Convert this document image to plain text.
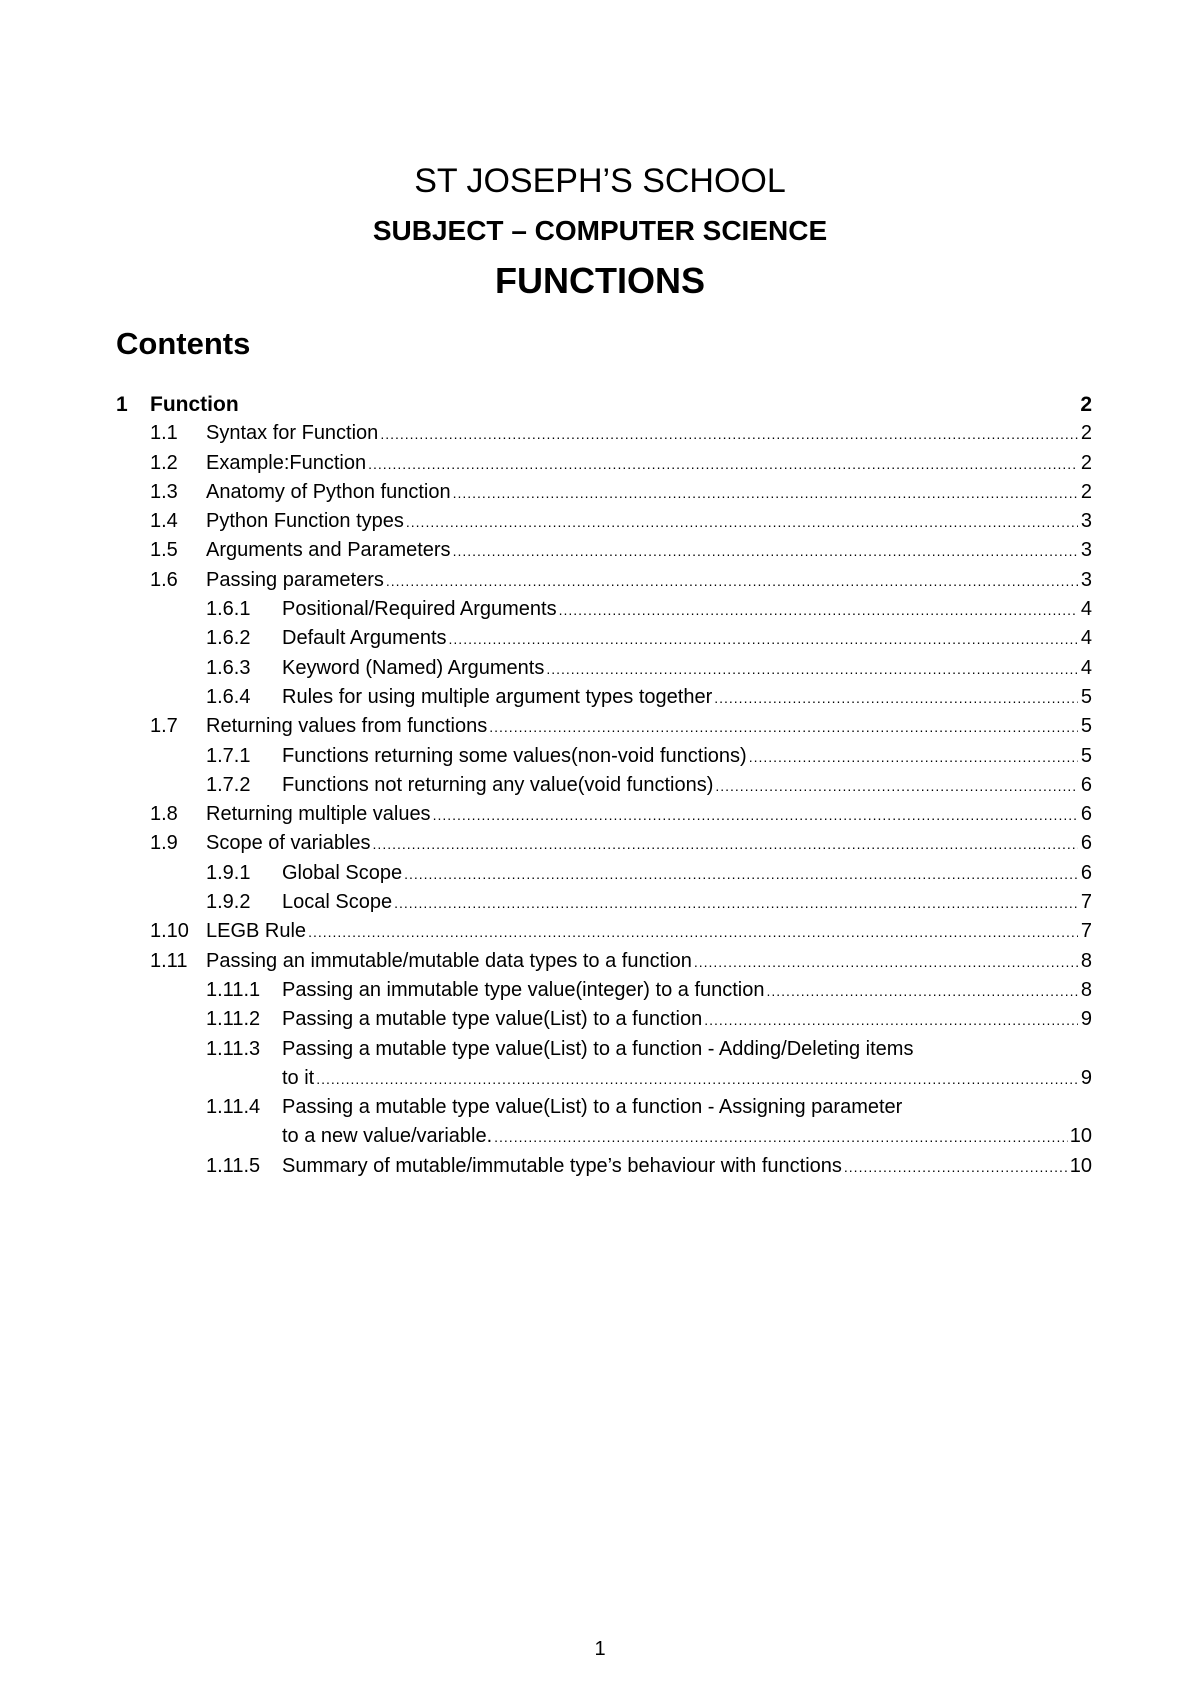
ST JOSEPH’S SCHOOL
SUBJECT – COMPUTER SCIENCE
FUNCTIONS
Contents
1	Function	2
1.1	Syntax for Function .....	2
1.2	Example:Function .....	2
1.3	Anatomy of Python function .....	2
1.4	Python Function types .....	3
1.5	Arguments and Parameters .....	3
1.6	Passing parameters .....	3
1.6.1	Positional/Required Arguments .....	4
1.6.2	Default Arguments .....	4
1.6.3	Keyword (Named) Arguments .....	4
1.6.4	Rules for using multiple argument types together .....	5
1.7	Returning values from functions .....	5
1.7.1	Functions returning some values(non-void functions) .....	5
1.7.2	Functions not returning any value(void functions) .....	6
1.8	Returning multiple values .....	6
1.9	Scope of variables .....	6
1.9.1	Global Scope .....	6
1.9.2	Local Scope .....	7
1.10 LEGB Rule .....	7
1.11 Passing an immutable/mutable data types to a function .....	8
1.11.1	Passing an immutable type value(integer) to a function .....	8
1.11.2	Passing a mutable type value(List) to a function .....	9
1.11.3	Passing a mutable type value(List) to a function - Adding/Deleting items
to it .....	9
1.11.4	Passing a mutable type value(List) to a function - Assigning parameter
to a new value/variable. .....	10
1.11.5	Summary of mutable/immutable type’s behaviour with functions .....	10
1
